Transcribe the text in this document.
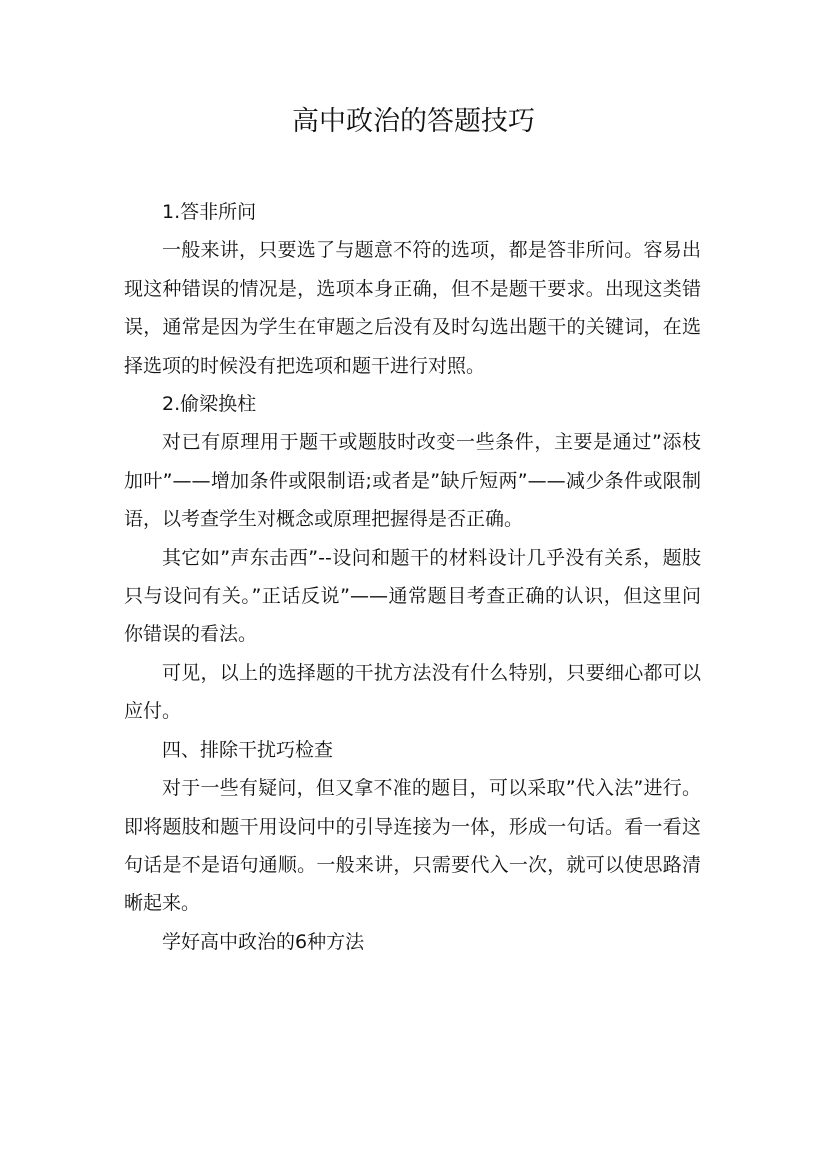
高中政治的答题技巧

1.答非所问

一般来讲，只要选了与题意不符的选项，都是答非所问。容易出现这种错误的情况是，选项本身正确，但不是题干要求。出现这类错误，通常是因为学生在审题之后没有及时勾选出题干的关键词，在选择选项的时候没有把选项和题干进行对照。

2.偷梁换柱

对已有原理用于题干或题肢时改变一些条件，主要是通过”添枝加叶”——增加条件或限制语;或者是”缺斤短两”——减少条件或限制语，以考查学生对概念或原理把握得是否正确。

其它如”声东击西”--设问和题干的材料设计几乎没有关系，题肢只与设问有关。”正话反说”——通常题目考查正确的认识，但这里问你错误的看法。

可见，以上的选择题的干扰方法没有什么特别，只要细心都可以应付。

四、排除干扰巧检查

对于一些有疑问，但又拿不准的题目，可以采取”代入法”进行。即将题肢和题干用设问中的引导连接为一体，形成一句话。看一看这句话是不是语句通顺。一般来讲，只需要代入一次，就可以使思路清晰起来。

学好高中政治的6种方法
